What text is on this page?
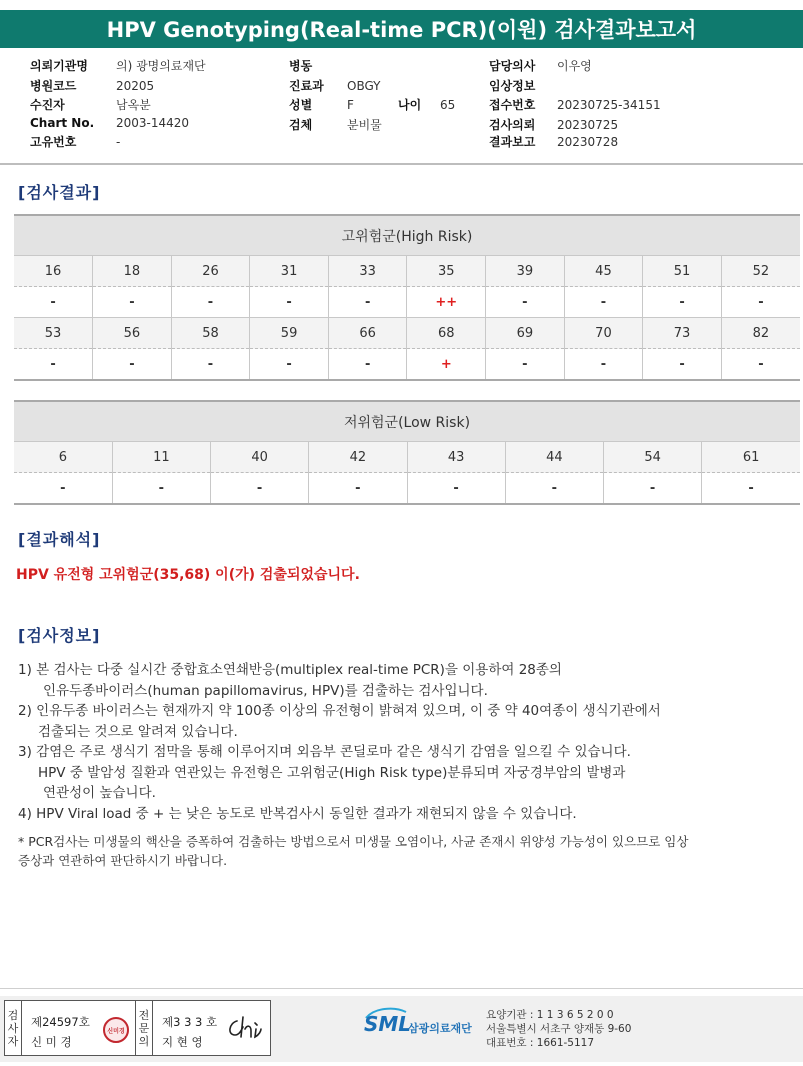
HPV Genotyping(Real-time PCR)(이원) 검사결과보고서
의뢰기관명 의) 광명의료재단
병원코드	20205
수진자	남옥분
Chart No. 2003-14420
고유번호	-
병동
진료과 OBGY
성별	F	나이 65
검체	분비물
담당의사 이우영
임상정보
접수번호 20230725-34151
검사의뢰 20230725
결과보고 20230728
[검사결과]
고위험군(High Risk)									
16	18	26	31	33	35	39	45	51	52
-	-	-	-	-	++	-	-	-	-
53	56	58	59	66	68	69	70	73	82
-	-	-	-	-	+	-	-	-	-
저위험군(Low Risk)							
6	11	40	42	43	44	54	61
-	-	-	-	-	-	-	-
[결과해석]
HPV 유전형 고위험군(35,68) 이(가) 검출되었습니다.
[검사정보]

1) 본 검사는 다중 실시간 중합효소연쇄반응(multiplex real-time PCR)을 이용하여 28종의

인유두종바이러스(human papillomavirus, HPV)를 검출하는 검사입니다.

2) 인유두종 바이러스는 현재까지 약 100종 이상의 유전형이 밝혀져 있으며, 이 중 약 40여종이 생식기관에서

검출되는 것으로 알려져 있습니다.

3) 감염은 주로 생식기 점막을 통해 이루어지며 외음부 콘딜로마 같은 생식기 감염을 일으킬 수 있습니다.

HPV 중 발암성 질환과 연관있는 유전형은 고위험군(High Risk type)분류되며 자궁경부암의 발병과

연관성이 높습니다.

4) HPV Viral load 중 + 는 낮은 농도로 반복검사시 동일한 결과가 재현되지 않을 수 있습니다.

* PCR검사는 미생물의 핵산을 증폭하여 검출하는 방법으로서 미생물 오염이나, 사균 존재시 위양성 가능성이 있으므로 임상

증상과 연관하여 판단하시기 바랍니다.

검
사
자
제24597호
신 미 경
신미경
전
문
의
제3 3 3 호
지 현 영
SML
삼광의료재단

요양기관 : 1 1 3 6 5 2 0 0

서울특별시 서초구 양재동 9-60

대표번호 : 1661-5117
